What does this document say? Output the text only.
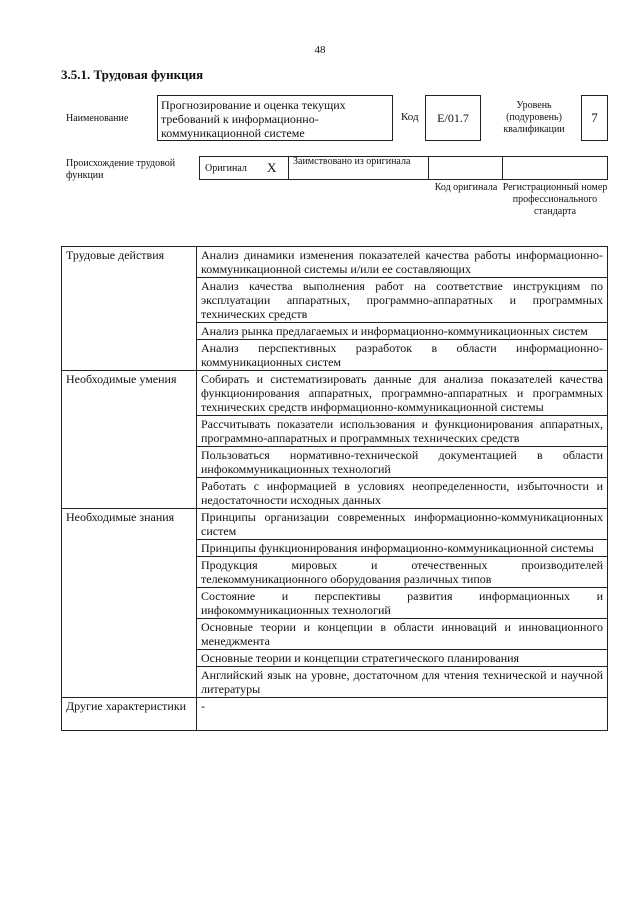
48
3.5.1. Трудовая функция
Наименование
Прогнозирование и оценка текущих требований к информационно-коммуникационной системе
Код E/01.7
Уровень (подуровень) квалификации
7
Происхождение трудовой функции
Оригинал X Заимствовано из оригинала
Код оригинала Регистрационный номер профессионального стандарта
Трудовые действия	Анализ динамики изменения показателей качества работы информационно-коммуникационной системы и/или ее составляющих
	Анализ качества выполнения работ на соответствие инструкциям по эксплуатации аппаратных, программно-аппаратных и программных технических средств
	Анализ рынка предлагаемых и информационно-коммуникационных систем
	Анализ перспективных разработок в области информационно-коммуникационных систем
Необходимые умения	Собирать и систематизировать данные для анализа показателей качества функционирования аппаратных, программно-аппаратных и программных технических средств информационно-коммуникационной системы
	Рассчитывать показатели использования и функционирования аппаратных, программно-аппаратных и программных технических средств
	Пользоваться нормативно-технической документацией в области инфокоммуникационных технологий
	Работать с информацией в условиях неопределенности, избыточности и недостаточности исходных данных
Необходимые знания	Принципы организации современных информационно-коммуникационных систем
	Принципы функционирования информационно-коммуникационной системы
	Продукция мировых и отечественных производителей телекоммуникационного оборудования различных типов
	Состояние и перспективы развития информационных и инфокоммуникационных технологий
	Основные теории и концепции в области инноваций и инновационного менеджмента
	Основные теории и концепции стратегического планирования
	Английский язык на уровне, достаточном для чтения технической и научной литературы
Другие характеристики	-
